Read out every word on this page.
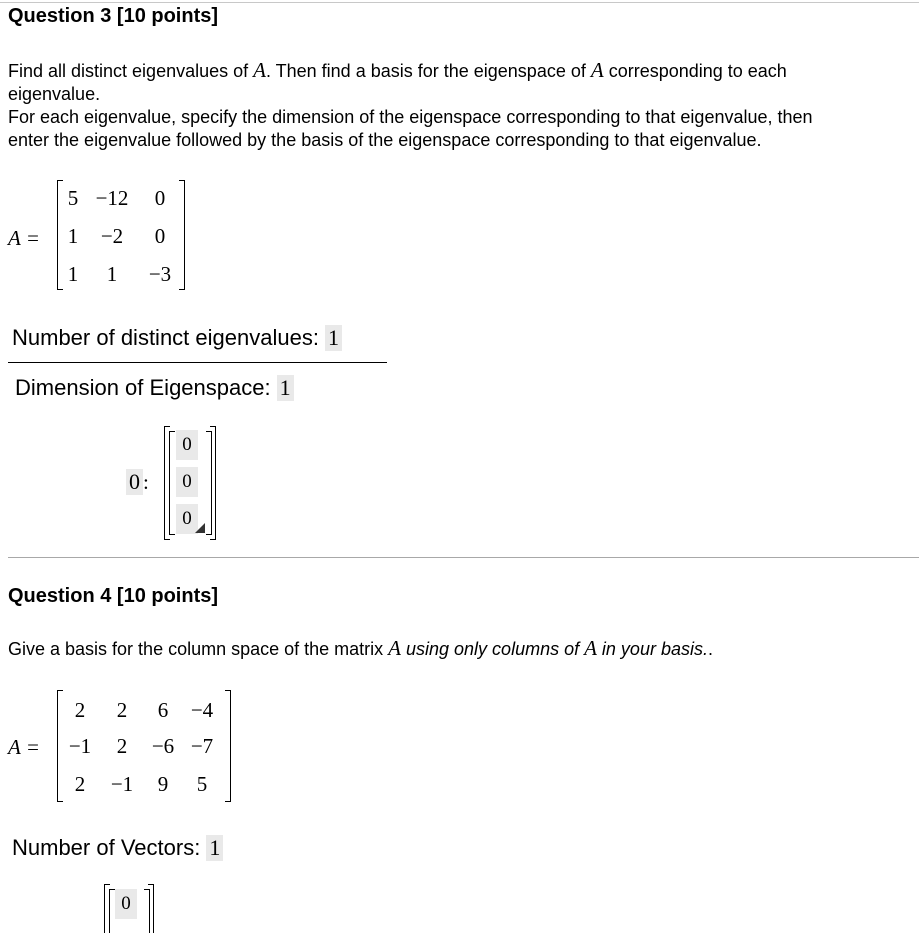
Question 3 [10 points]
Find all distinct eigenvalues of A. Then find a basis for the eigenspace of A corresponding to each
eigenvalue.
For each eigenvalue, specify the dimension of the eigenspace corresponding to that eigenvalue, then
enter the eigenvalue followed by the basis of the eigenspace corresponding to that eigenvalue.
A =
5 −12	0
1	−2	0
1	1	−3
Number of distinct eigenvalues: 1
Dimension of Eigenspace: 1
0 :
0
0
0
Question 4 [10 points]
Give a basis for the column space of the matrix A using only columns of A in your basis..
A =
2	2	6	−4
−1	2	−6 −7
2	−1	9	5
Number of Vectors: 1
0
